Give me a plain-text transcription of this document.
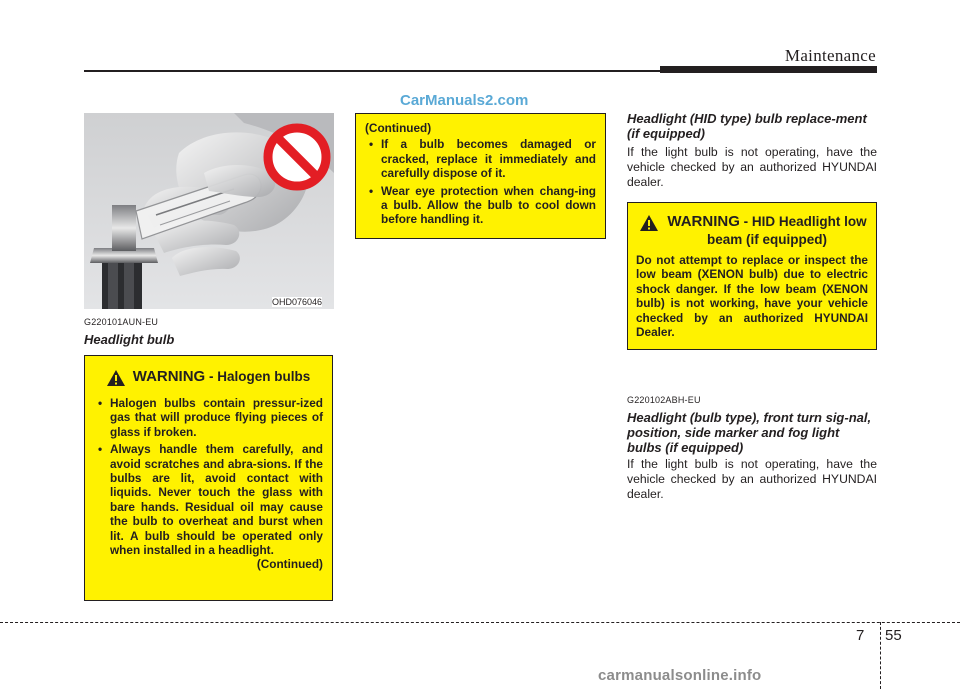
Maintenance
CarManuals2.com
OHD076046
G220101AUN-EU
Headlight bulb
WARNING - Halogen bulbs
• Halogen bulbs contain pressur-ized gas that will produce flying pieces of glass if broken.
• Always handle them carefully, and avoid scratches and abra-sions. If the bulbs are lit, avoid contact with liquids. Never touch the glass with bare hands. Residual oil may cause the bulb to overheat and burst when lit. A bulb should be operated only when installed in a headlight.
(Continued)
(Continued)
• If a bulb becomes damaged or cracked, replace it immediately and carefully dispose of it.
• Wear eye protection when chang-ing a bulb. Allow the bulb to cool down before handling it.
Headlight (HID type) bulb replace-ment (if equipped)
If the light bulb is not operating, have the vehicle checked by an authorized HYUNDAI dealer.
WARNING - HID Headlight low beam (if equipped)
Do not attempt to replace or inspect the low beam (XENON bulb) due to electric shock danger. If the low beam (XENON bulb) is not working, have your vehicle checked by an authorized HYUNDAI Dealer.
G220102ABH-EU
Headlight (bulb type), front turn sig-nal, position, side marker and fog light bulbs (if equipped)
If the light bulb is not operating, have the vehicle checked by an authorized HYUNDAI dealer.
7 55
carmanualsonline.info
